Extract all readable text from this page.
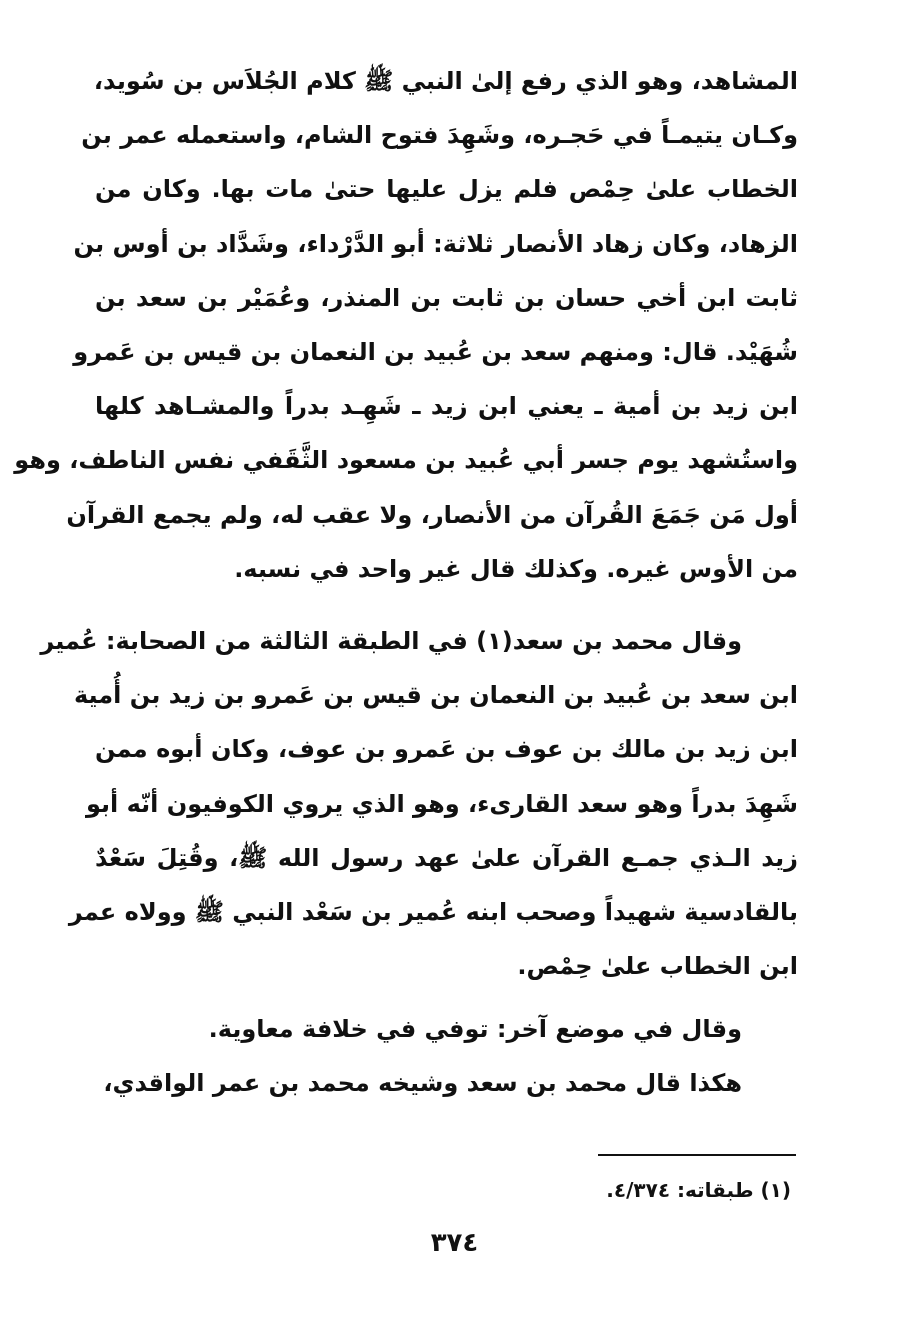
المشاهد، وهو الذي رفع إلىٰ النبي ﷺ كلام الجُلاَس بن سُويد،
وكـان يتيمـاً في حَجـره، وشَهِدَ فتوح الشام، واستعمله عمر بن
الخطاب علىٰ حِمْص فلم يزل عليها حتىٰ مات بها. وكان من
الزهاد، وكان زهاد الأنصار ثلاثة: أبو الدَّرْداء، وشَدَّاد بن أوس بن
ثابت ابن أخي حسان بن ثابت بن المنذر، وعُمَيْر بن سعد بن
شُهَيْد. قال: ومنهم سعد بن عُبيد بن النعمان بن قيس بن عَمرو
ابن زيد بن أمية ـ يعني ابن زيد ـ شَهِـد بدراً والمشـاهد كلها
واستُشهد يوم جسر أبي عُبيد بن مسعود الثَّقَفي نفس الناطف، وهو
أول مَن جَمَعَ القُرآن من الأنصار، ولا عقب له، ولم يجمع القرآن
من الأوس غيره. وكذلك قال غير واحد في نسبه.
وقال محمد بن سعد(١) في الطبقة الثالثة من الصحابة: عُمير
ابن سعد بن عُبيد بن النعمان بن قيس بن عَمرو بن زيد بن أُمية
ابن زيد بن مالك بن عوف بن عَمرو بن عوف، وكان أبوه ممن
شَهِدَ بدراً وهو سعد القارىء، وهو الذي يروي الكوفيون أنّه أبو
زيد الـذي جمـع القرآن علىٰ عهد رسول الله ﷺ، وقُتِلَ سَعْدٌ
بالقادسية شهيداً وصحب ابنه عُمير بن سَعْد النبي ﷺ وولاه عمر
ابن الخطاب علىٰ حِمْص.
وقال في موضع آخر: توفي في خلافة معاوية.
هكذا قال محمد بن سعد وشيخه محمد بن عمر الواقدي،
(١) طبقاته: ٤/٣٧٤.
٣٧٤
